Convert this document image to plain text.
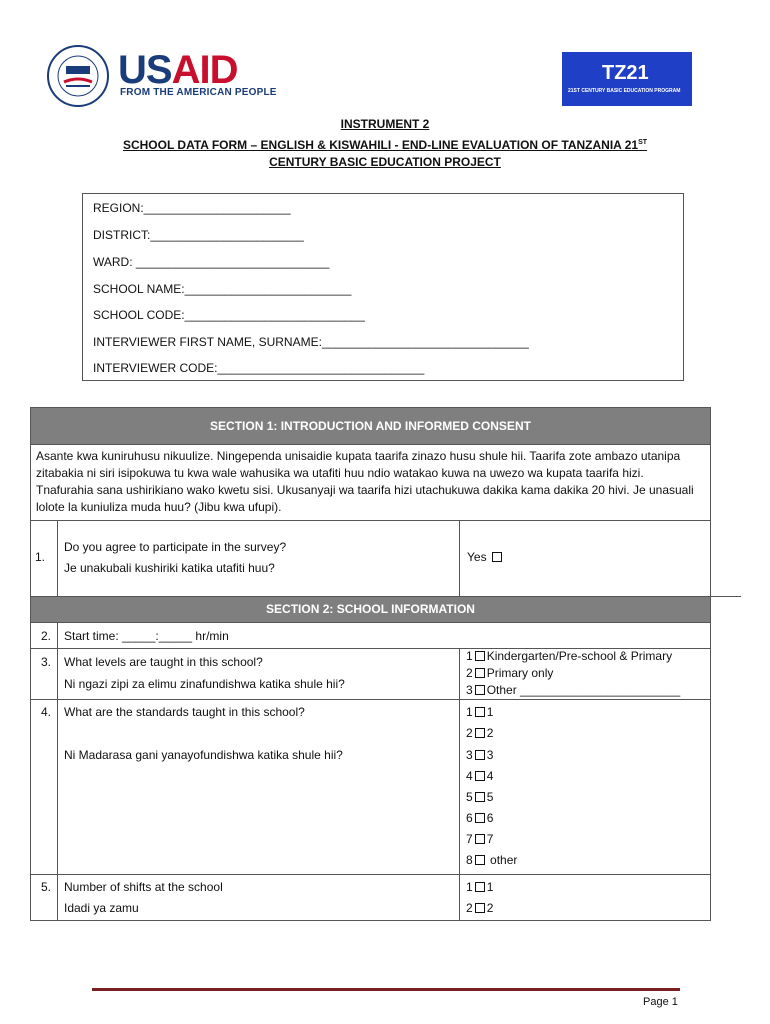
USAID
FROM THE AMERICAN PEOPLE
TZ21
21ST CENTURY BASIC EDUCATION PROGRAM
INSTRUMENT 2
SCHOOL DATA FORM – ENGLISH & KISWAHILI - END-LINE EVALUATION OF TANZANIA 21ST
CENTURY BASIC EDUCATION PROJECT
REGION:______________________
DISTRICT:_______________________
WARD: _____________________________
SCHOOL NAME:_________________________
SCHOOL CODE:___________________________
INTERVIEWER FIRST NAME, SURNAME:_______________________________
INTERVIEWER CODE:_______________________________
SECTION 1: INTRODUCTION AND INFORMED CONSENT
Asante kwa kuniruhusu nikuulize. Ningependa unisaidie kupata taarifa zinazo husu shule hii. Taarifa zote ambazo utanipa zitabakia ni siri isipokuwa tu kwa wale wahusika wa utafiti huu ndio watakao kuwa na uwezo wa kupata taarifa hizi. Tnafurahia sana ushirikiano wako kwetu sisi. Ukusanyaji wa taarifa hizi utachukuwa dakika kama dakika 20 hivi. Je unasuali lolote la kuniuliza muda huu? (Jibu kwa ufupi).
1.
Do you agree to participate in the survey?
Je unakubali kushiriki katika utafiti huu?
Yes
SECTION 2: SCHOOL INFORMATION
2. Start time: _____:_____ hr/min
3. What levels are taught in this school?
Ni ngazi zipi za elimu zinafundishwa katika shule hii?
1 Kindergarten/Pre-school & Primary
2 Primary only
3 Other ________________________
4. What are the standards taught in this school?
Ni Madarasa gani yanayofundishwa katika shule hii?
1 1
2 2
3 3
4 4
5 5
6 6
7 7
8 other
5. Number of shifts at the school
Idadi ya zamu
1 1
2 2
Page 1
